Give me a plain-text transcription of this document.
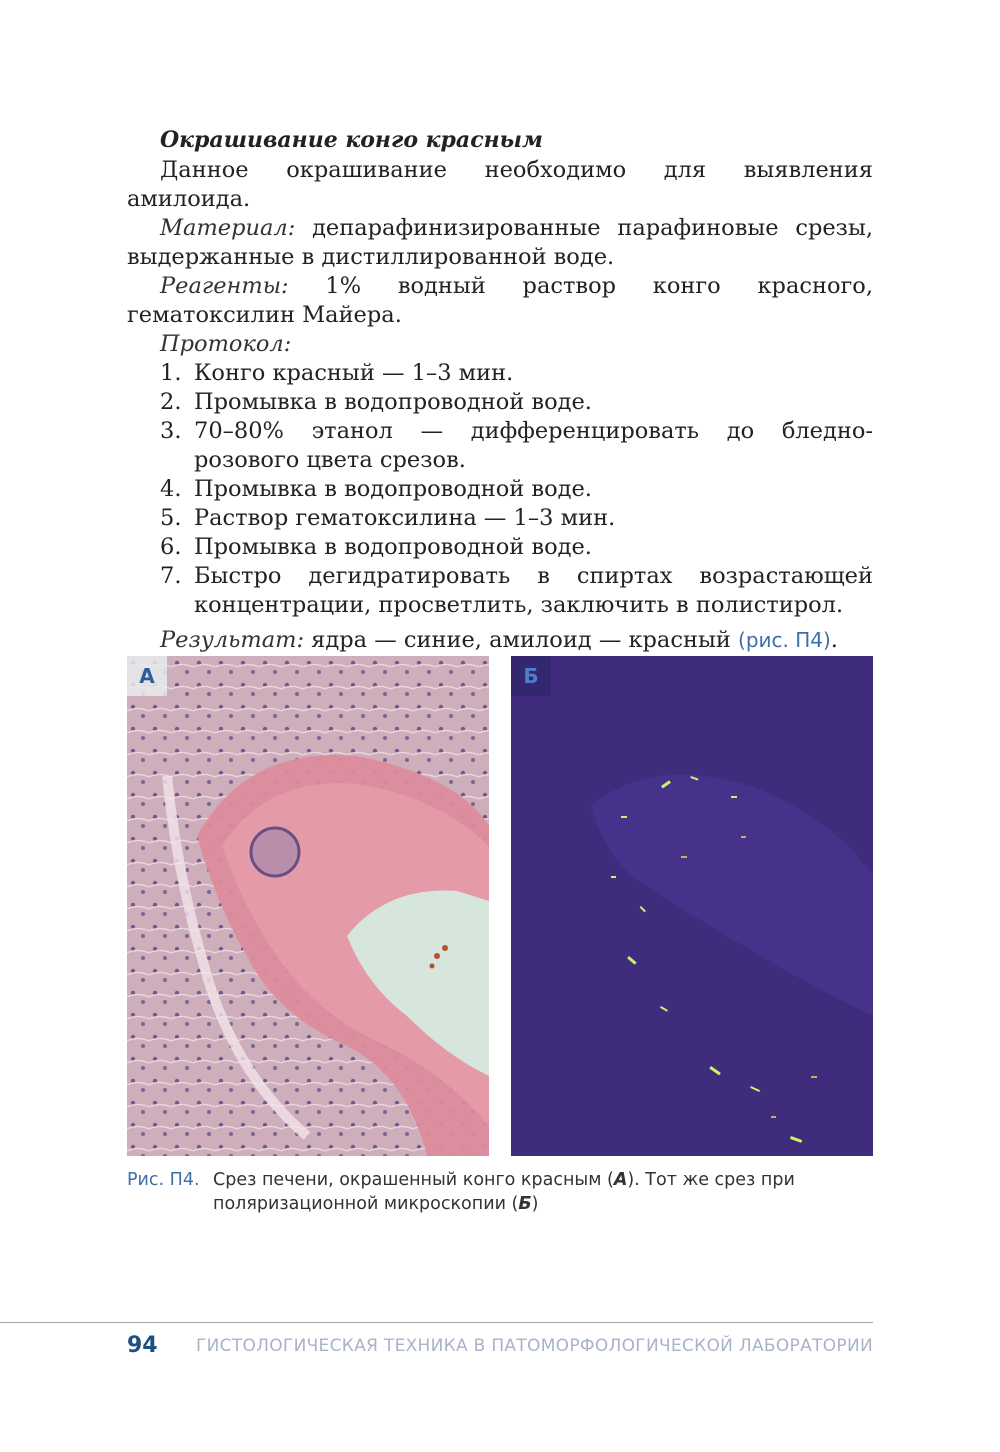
Окрашивание конго красным

Данное окрашивание необходимо для выявления амилоида.

Материал: депарафинизированные парафиновые срезы, выдержанные в дистиллированной воде.

Реагенты: 1% водный раствор конго красного, гематоксилин Майера.

Протокол:

1. Конго красный — 1–3 мин.
2. Промывка в водопроводной воде.
3. 70–80% этанол — дифференцировать до бледно-розового цвета срезов.
4. Промывка в водопроводной воде.
5. Раствор гематоксилина — 1–3 мин.
6. Промывка в водопроводной воде.
7. Быстро дегидратировать в спиртах возрастающей концентрации, просветлить, заключить в полистирол.

Результат: ядра — синие, амилоид — красный (рис. П4).

А	Б
Рис. П4. Срез печени, окрашенный конго красным (А). Тот же срез при поляризационной микроскопии (Б)
94 ГИСТОЛОГИЧЕСКАЯ ТЕХНИКА В ПАТОМОРФОЛОГИЧЕСКОЙ ЛАБОРАТОРИИ
